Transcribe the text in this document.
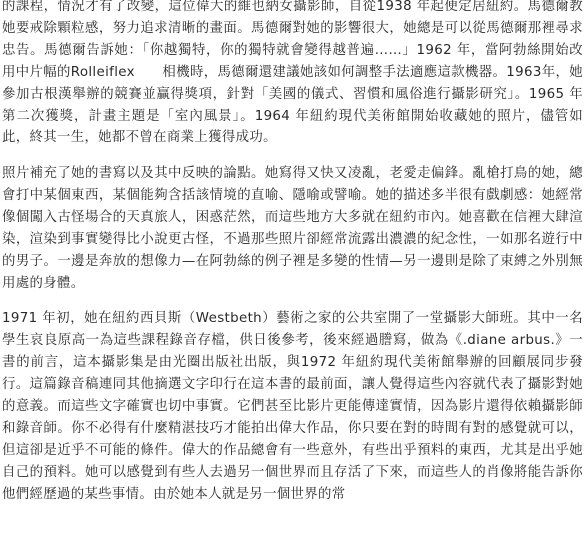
的課程，情況才有了改變，這位偉大的維也納女攝影師，自從1938 年起便定居紐約。馬德爾教她要戒除顆粒感，努力追求清晰的畫面。馬德爾對她的影響很大，她總是可以從馬德爾那裡尋求忠告。馬德爾告訴她：「你越獨特，你的獨特就會變得越普遍……」1962 年，當阿勃絲開始改用中片幅的Rolleiflex　　相機時，馬德爾還建議她該如何調整手法適應這款機器。1963年，她參加古根漢舉辦的競賽並贏得獎項，針對「美國的儀式、習慣和風俗進行攝影研究」。1965 年第二次獲獎，計畫主題是「室內風景」。1964 年紐約現代美術館開始收藏她的照片，儘管如此，終其一生，她都不曾在商業上獲得成功。

照片補充了她的書寫以及其中反映的論點。她寫得又快又凌亂，老愛走偏鋒。亂槍打鳥的她，總會打中某個東西，某個能夠含括該情境的直喻、隱喻或譬喻。她的描述多半很有戲劇感：她經常像個闖入古怪場合的天真旅人，困惑茫然，而這些地方大多就在紐約市內。她喜歡在信裡大肆渲染，渲染到事實變得比小說更古怪，不過那些照片卻經常流露出濃濃的紀念性，一如那名遊行中的男子。一邊是奔放的想像力—在阿勃絲的例子裡是多變的性情—另一邊則是除了束縛之外別無用處的身體。

1971 年初，她在紐約西貝斯（Westbeth）藝術之家的公共室開了一堂攝影大師班。其中一名學生哀良原高一為這些課程錄音存檔，供日後參考，後來經過謄寫，做為《.diane arbus.》一書的前言，這本攝影集是由光圈出版社出版，與1972 年紐約現代美術館舉辦的回顧展同步發行。這篇錄音稿連同其他摘選文字印行在這本書的最前面，讓人覺得這些內容就代表了攝影對她的意義。而這些文字確實也切中事實。它們甚至比影片更能傳達實情，因為影片還得依賴攝影師和錄音師。你不必得有什麼精湛技巧才能拍出偉大作品，你只要在對的時間有對的感覺就可以，但這卻是近乎不可能的條件。偉大的作品總會有一些意外，有些出乎預料的東西，尤其是出乎她自己的預料。她可以感覺到有些人去過另一個世界而且存活了下來，而這些人的肖像將能告訴你他們經歷過的某些事情。由於她本人就是另一個世界的常
